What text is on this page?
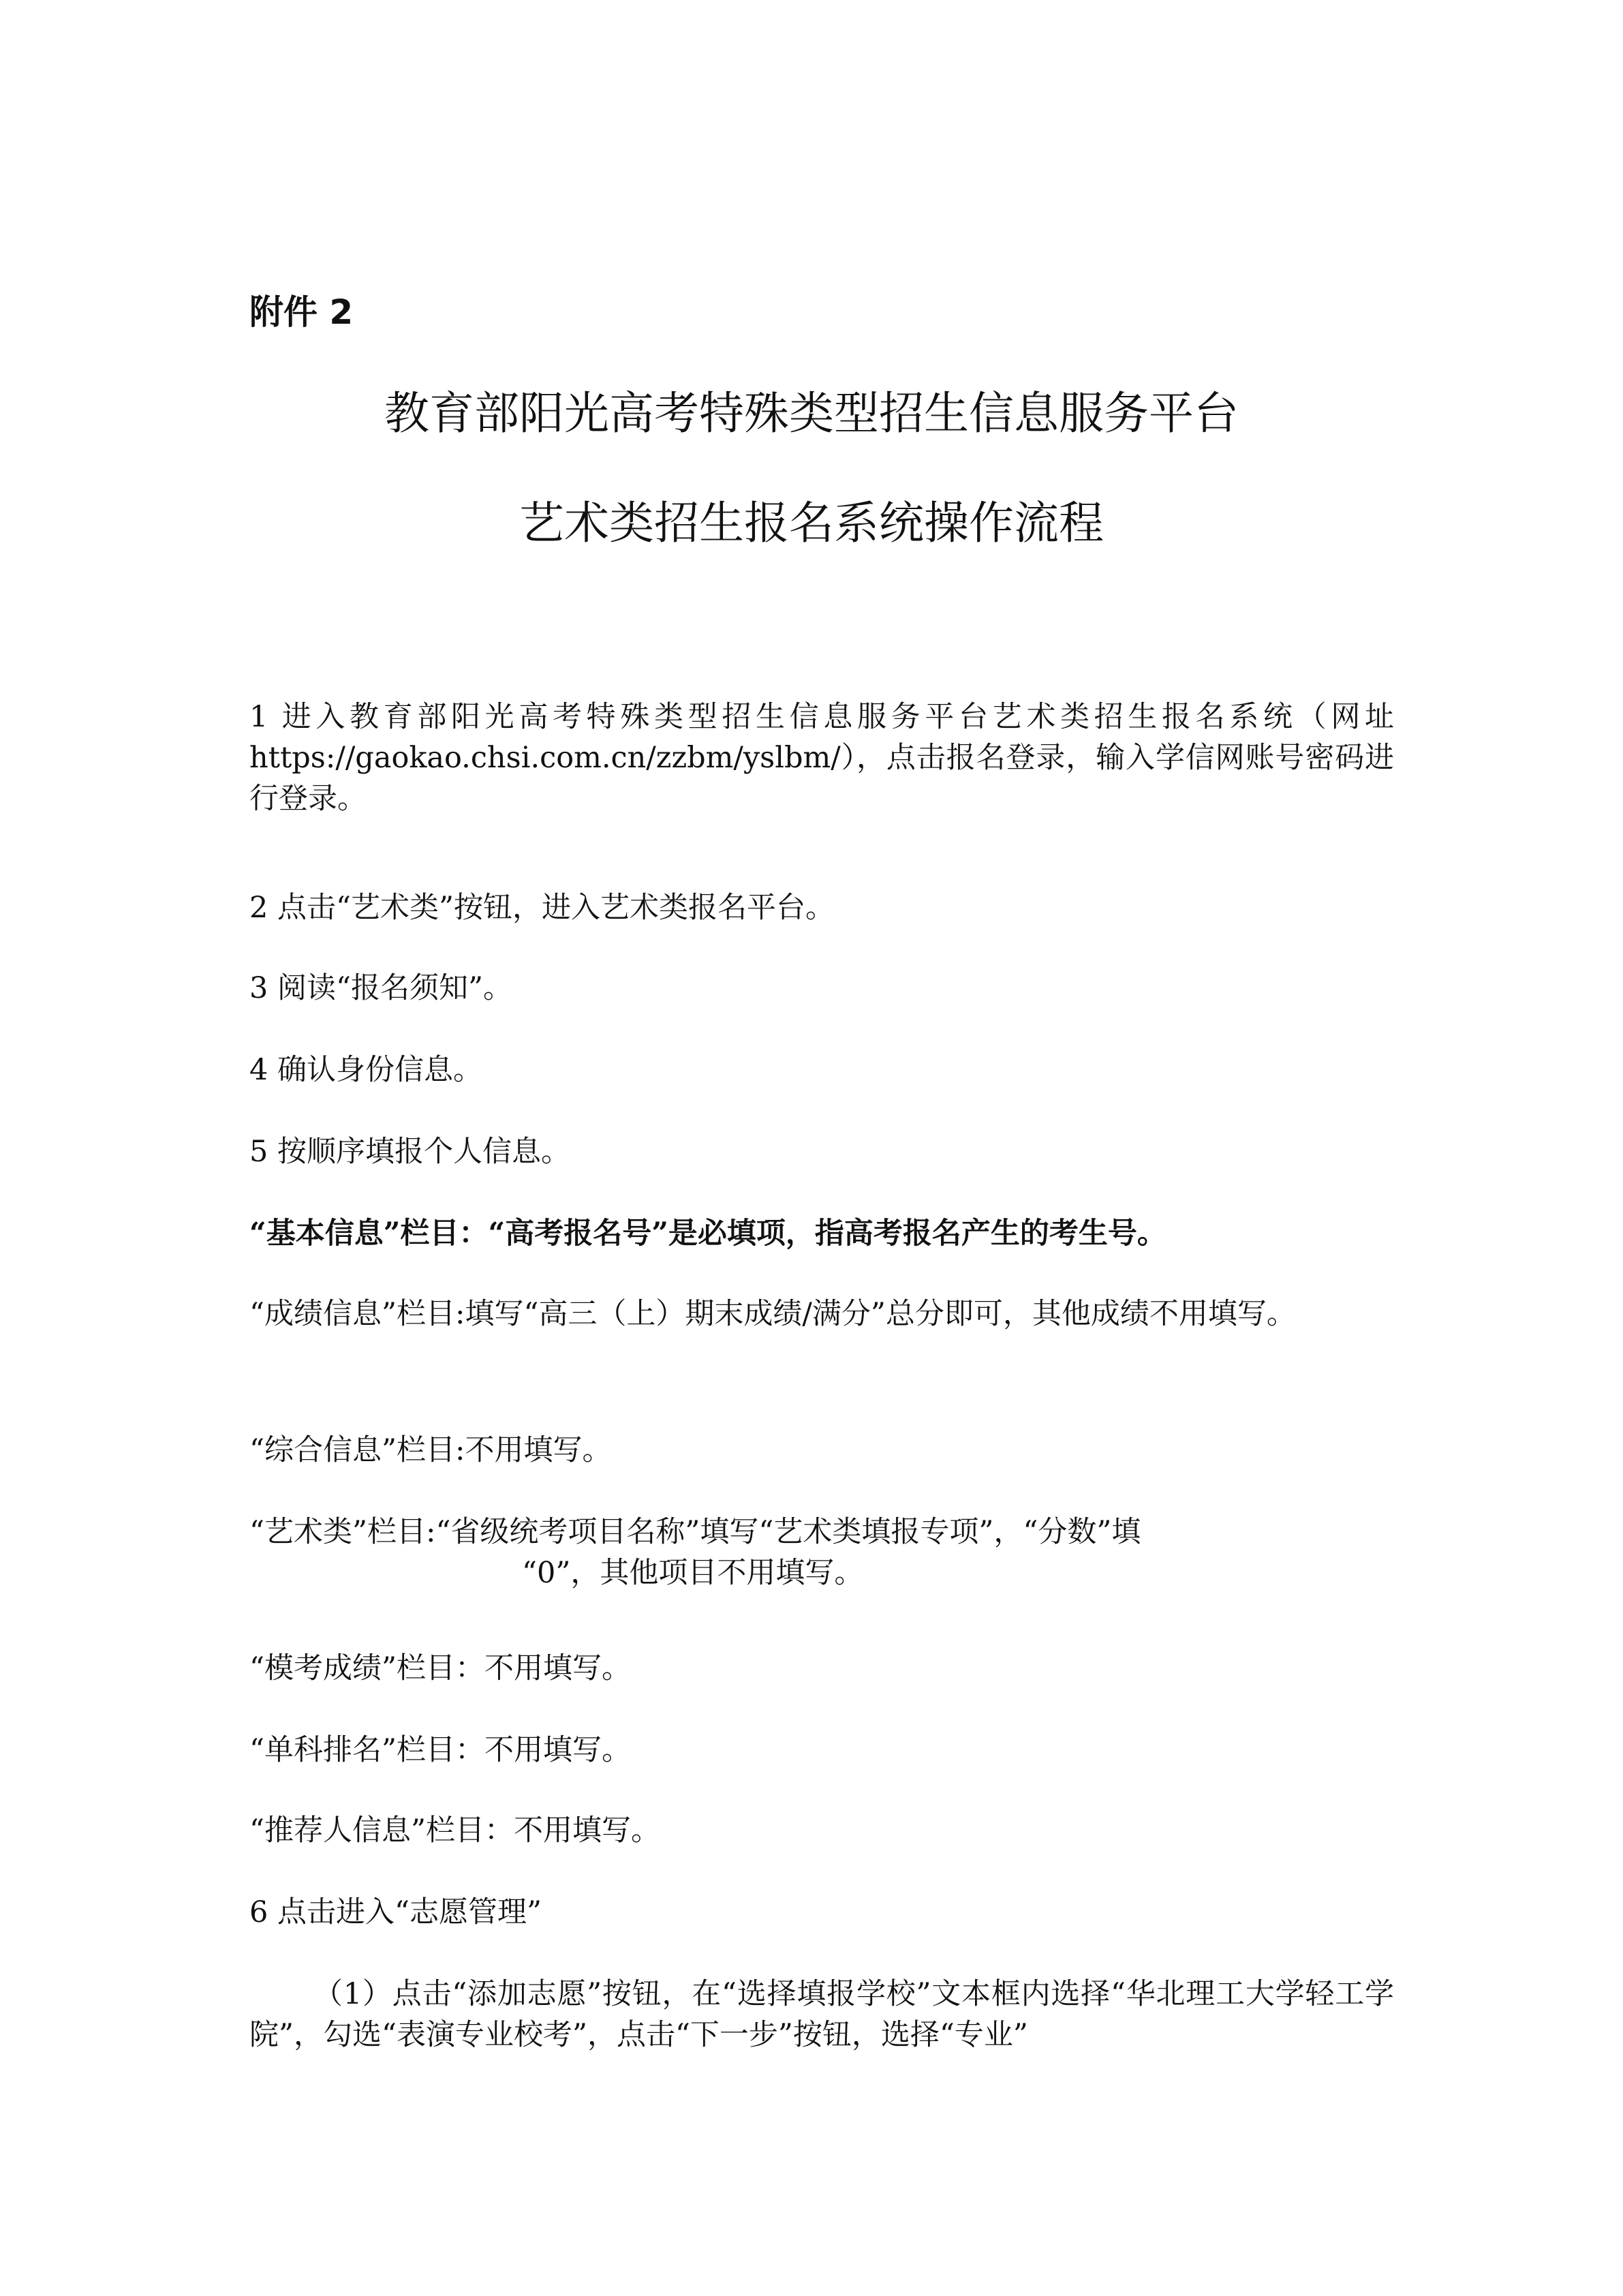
附件 2
教育部阳光高考特殊类型招生信息服务平台
艺术类招生报名系统操作流程

1 进入教育部阳光高考特殊类型招生信息服务平台艺术类招生报名系统（网址 https://gaokao.chsi.com.cn/zzbm/yslbm/），点击报名登录，输入学信网账号密码进行登录。

2 点击“艺术类”按钮，进入艺术类报名平台。

3 阅读“报名须知”。

4 确认身份信息。

5 按顺序填报个人信息。

“基本信息”栏目：“高考报名号”是必填项，指高考报名产生的考生号。

“成绩信息”栏目:填写“高三（上）期末成绩/满分”总分即可，其他成绩不用填写。

“综合信息”栏目:不用填写。

“艺术类”栏目:“省级统考项目名称”填写“艺术类填报专项”，“分数”填
“0”，其他项目不用填写。

“模考成绩”栏目：不用填写。

“单科排名”栏目：不用填写。

“推荐人信息”栏目：不用填写。

6 点击进入“志愿管理”

（1）点击“添加志愿”按钮，在“选择填报学校”文本框内选择“华北理工大学轻工学院”，勾选“表演专业校考”，点击“下一步”按钮，选择“专业”
